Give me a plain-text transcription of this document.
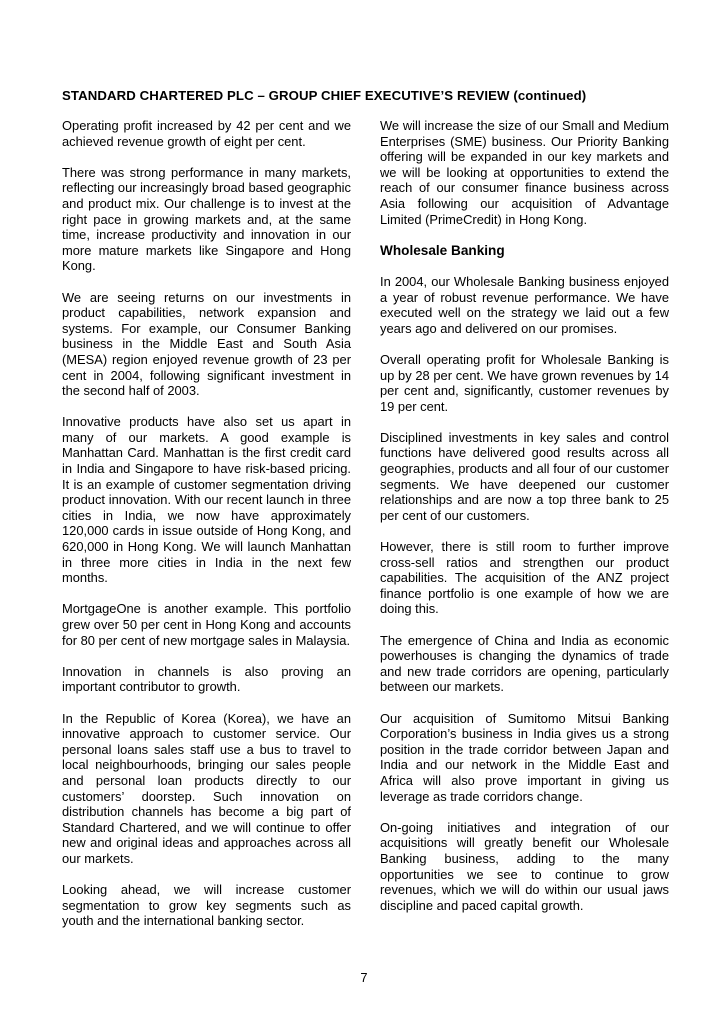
STANDARD CHARTERED PLC – GROUP CHIEF EXECUTIVE’S REVIEW (continued)

Operating profit increased by 42 per cent and we achieved revenue growth of eight per cent.

There was strong performance in many markets, reflecting our increasingly broad based geographic and product mix. Our challenge is to invest at the right pace in growing markets and, at the same time, increase productivity and innovation in our more mature markets like Singapore and Hong Kong.

We are seeing returns on our investments in product capabilities, network expansion and systems. For example, our Consumer Banking business in the Middle East and South Asia (MESA) region enjoyed revenue growth of 23 per cent in 2004, following significant investment in the second half of 2003.

Innovative products have also set us apart in many of our markets. A good example is Manhattan Card. Manhattan is the first credit card in India and Singapore to have risk-based pricing. It is an example of customer segmentation driving product innovation. With our recent launch in three cities in India, we now have approximately 120,000 cards in issue outside of Hong Kong, and 620,000 in Hong Kong. We will launch Manhattan in three more cities in India in the next few months.

MortgageOne is another example. This portfolio grew over 50 per cent in Hong Kong and accounts for 80 per cent of new mortgage sales in Malaysia.

Innovation in channels is also proving an important contributor to growth.

In the Republic of Korea (Korea), we have an innovative approach to customer service. Our personal loans sales staff use a bus to travel to local neighbourhoods, bringing our sales people and personal loan products directly to our customers’ doorstep. Such innovation on distribution channels has become a big part of Standard Chartered, and we will continue to offer new and original ideas and approaches across all our markets.

Looking ahead, we will increase customer segmentation to grow key segments such as youth and the international banking sector.

We will increase the size of our Small and Medium Enterprises (SME) business. Our Priority Banking offering will be expanded in our key markets and we will be looking at opportunities to extend the reach of our consumer finance business across Asia following our acquisition of Advantage Limited (PrimeCredit) in Hong Kong.

Wholesale Banking

In 2004, our Wholesale Banking business enjoyed a year of robust revenue performance. We have executed well on the strategy we laid out a few years ago and delivered on our promises.

Overall operating profit for Wholesale Banking is up by 28 per cent. We have grown revenues by 14 per cent and, significantly, customer revenues by 19 per cent.

Disciplined investments in key sales and control functions have delivered good results across all geographies, products and all four of our customer segments. We have deepened our customer relationships and are now a top three bank to 25 per cent of our customers.

However, there is still room to further improve cross-sell ratios and strengthen our product capabilities. The acquisition of the ANZ project finance portfolio is one example of how we are doing this.

The emergence of China and India as economic powerhouses is changing the dynamics of trade and new trade corridors are opening, particularly between our markets.

Our acquisition of Sumitomo Mitsui Banking Corporation’s business in India gives us a strong position in the trade corridor between Japan and India and our network in the Middle East and Africa will also prove important in giving us leverage as trade corridors change.

On-going initiatives and integration of our acquisitions will greatly benefit our Wholesale Banking business, adding to the many opportunities we see to continue to grow revenues, which we will do within our usual jaws discipline and paced capital growth.

7
